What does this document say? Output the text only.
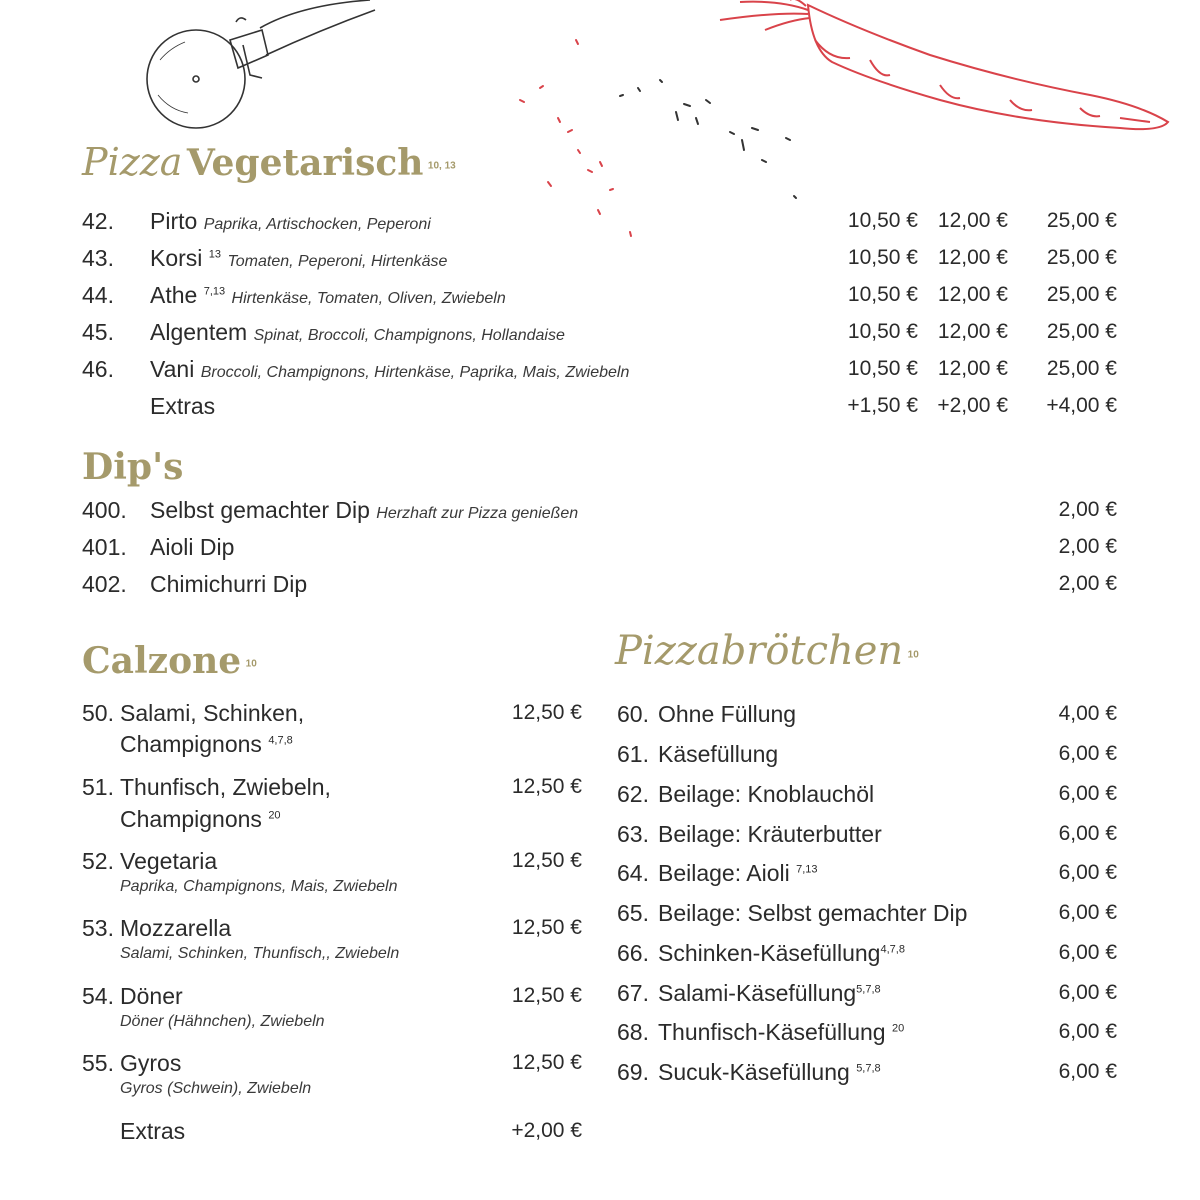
Pizza Vegetarisch $^{10, 13}$
42. Pirto Paprika, Artischocken, Peperoni	10,50 € 12,00 € 25,00 €
43. Korsi $^{13}$ Tomaten, Peperoni, Hirtenkäse	10,50 € 12,00 € 25,00 €
44. Athe $^{7,13}$ Hirtenkäse, Tomaten, Oliven, Zwiebeln	10,50 € 12,00 € 25,00 €
45. Algentem Spinat, Broccoli, Champignons, Hollandaise	10,50 € 12,00 € 25,00 €
46. Vani Broccoli, Champignons, Hirtenkäse, Paprika, Mais, Zwiebeln	10,50 € 12,00 € 25,00 €
Extras	+1,50 € +2,00 € +4,00 €
Dip's
400. Selbst gemachter Dip Herzhaft zur Pizza genießen	2,00 €
401. Aioli Dip	2,00 €
402. Chimichurri Dip	2,00 €
Calzone $^{10}$
50. Salami, Schinken,
Champignons $^{4,7,8}$
12,50 €
51. Thunfisch, Zwiebeln,
Champignons $^{20}$
12,50 €
52. Vegetaria
Paprika, Champignons, Mais, Zwiebeln
12,50 €
53. Mozzarella
Salami, Schinken, Thunfisch,, Zwiebeln
12,50 €
54. Döner
Döner (Hähnchen), Zwiebeln
12,50 €
55. Gyros
Gyros (Schwein), Zwiebeln
12,50 €
Extras	+2,00 €
Pizzabrötchen $^{10}$
60. Ohne Füllung	4,00 €
61. Käsefüllung	6,00 €
62. Beilage: Knoblauchöl	6,00 €
63. Beilage: Kräuterbutter	6,00 €
64. Beilage: Aioli $^{7,13}$	6,00 €
65. Beilage: Selbst gemachter Dip	6,00 €
66. Schinken-Käsefüllung$^{4,7,8}$	6,00 €
67. Salami-Käsefüllung$^{5,7,8}$	6,00 €
68. Thunfisch-Käsefüllung $^{20}$	6,00 €
69. Sucuk-Käsefüllung $^{5,7,8}$	6,00 €
